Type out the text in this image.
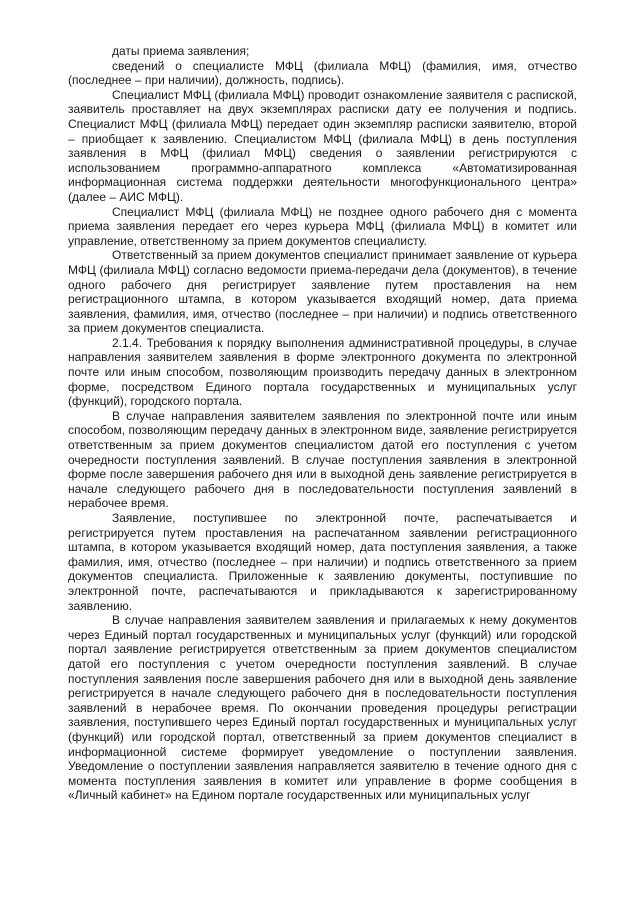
даты приема заявления;

сведений о специалисте МФЦ (филиала МФЦ) (фамилия, имя, отчество (последнее – при наличии), должность, подпись).

Специалист МФЦ (филиала МФЦ) проводит ознакомление заявителя с распиской, заявитель проставляет на двух экземплярах расписки дату ее получения и подпись. Специалист МФЦ (филиала МФЦ) передает один экземпляр расписки заявителю, второй – приобщает к заявлению. Специалистом МФЦ (филиала МФЦ) в день поступления заявления в МФЦ (филиал МФЦ) сведения о заявлении регистрируются с использованием программно-аппаратного комплекса «Автоматизированная информационная система поддержки деятельности многофункционального центра» (далее – АИС МФЦ).

Специалист МФЦ (филиала МФЦ) не позднее одного рабочего дня с момента приема заявления передает его через курьера МФЦ (филиала МФЦ) в комитет или управление, ответственному за прием документов специалисту.

Ответственный за прием документов специалист принимает заявление от курьера МФЦ (филиала МФЦ) согласно ведомости приема-передачи дела (документов), в течение одного рабочего дня регистрирует заявление путем проставления на нем регистрационного штампа, в котором указывается входящий номер, дата приема заявления, фамилия, имя, отчество (последнее – при наличии) и подпись ответственного за прием документов специалиста.

2.1.4. Требования к порядку выполнения административной процедуры, в случае направления заявителем заявления в форме электронного документа по электронной почте или иным способом, позволяющим производить передачу данных в электронном форме, посредством Единого портала государственных и муниципальных услуг (функций), городского портала.

В случае направления заявителем заявления по электронной почте или иным способом, позволяющим передачу данных в электронном виде, заявление регистрируется ответственным за прием документов специалистом датой его поступления с учетом очередности поступления заявлений. В случае поступления заявления в электронной форме после завершения рабочего дня или в выходной день заявление регистрируется в начале следующего рабочего дня в последовательности поступления заявлений в нерабочее время.

Заявление, поступившее по электронной почте, распечатывается и регистрируется путем проставления на распечатанном заявлении регистрационного штампа, в котором указывается входящий номер, дата поступления заявления, а также фамилия, имя, отчество (последнее – при наличии) и подпись ответственного за прием документов специалиста. Приложенные к заявлению документы, поступившие по электронной почте, распечатываются и прикладываются к зарегистрированному заявлению.

В случае направления заявителем заявления и прилагаемых к нему документов через Единый портал государственных и муниципальных услуг (функций) или городской портал заявление регистрируется ответственным за прием документов специалистом датой его поступления с учетом очередности поступления заявлений. В случае поступления заявления после завершения рабочего дня или в выходной день заявление регистрируется в начале следующего рабочего дня в последовательности поступления заявлений в нерабочее время. По окончании проведения процедуры регистрации заявления, поступившего через Единый портал государственных и муниципальных услуг (функций) или городской портал, ответственный за прием документов специалист в информационной системе формирует уведомление о поступлении заявления. Уведомление о поступлении заявления направляется заявителю в течение одного дня с момента поступления заявления в комитет или управление в форме сообщения в «Личный кабинет» на Едином портале государственных или муниципальных услуг
